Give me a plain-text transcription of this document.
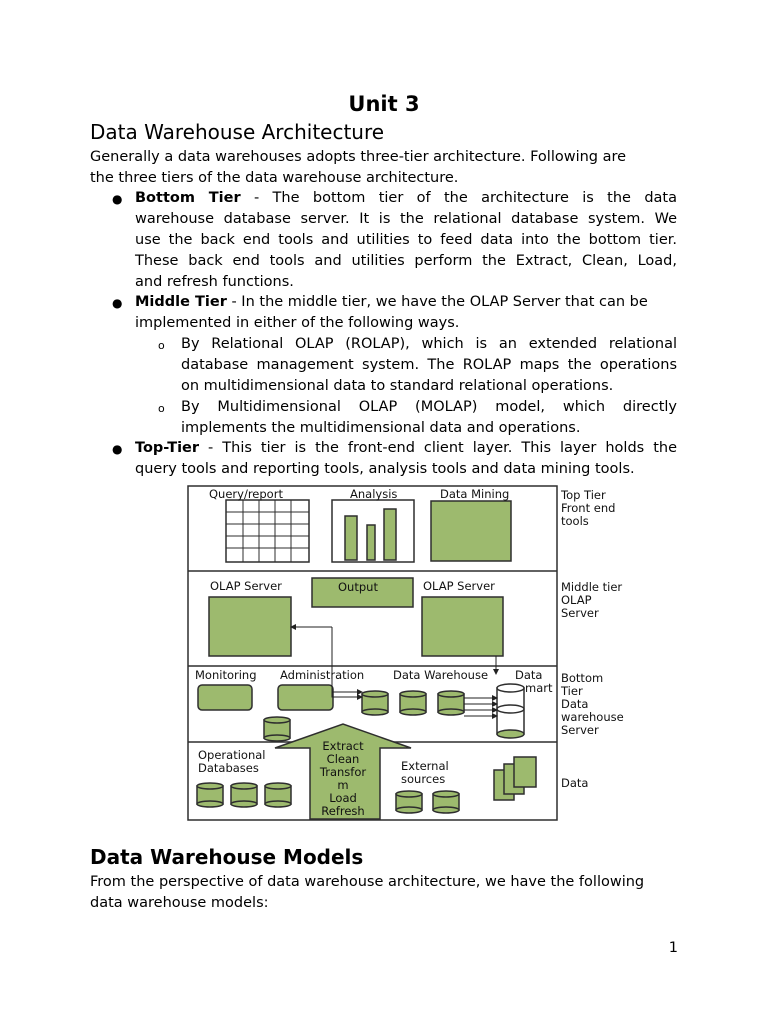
Unit 3
Data Warehouse Architecture
Generally a data warehouses adopts three-tier architecture. Following are
the three tiers of the data warehouse architecture.
● Bottom Tier - The bottom tier of the architecture is the data
warehouse database server. It is the relational database system. We
use the back end tools and utilities to feed data into the bottom tier.
These back end tools and utilities perform the Extract, Clean, Load,
and refresh functions.
● Middle Tier - In the middle tier, we have the OLAP Server that can be
implemented in either of the following ways.
o By Relational OLAP (ROLAP), which is an extended relational
database management system. The ROLAP maps the operations
on multidimensional data to standard relational operations.
o By Multidimensional OLAP (MOLAP) model, which directly
implements the multidimensional data and operations.
● Top-Tier - This tier is the front-end client layer. This layer holds the
query tools and reporting tools, analysis tools and data mining tools.
Query/report	Analysis	Data Mining
OLAP Server	Output	OLAP Server
Monitoring Administration	Data Warehouse Data
mart
Operational
Databases
Extract
Clean
Transfor
m
Load
Refresh
External
sources
Top Tier
Front end
tools
Middle tier
OLAP
Server
Bottom
Tier
Data
warehouse
Server
Data
Data Warehouse Models
From the perspective of data warehouse architecture, we have the following
data warehouse models:
1
